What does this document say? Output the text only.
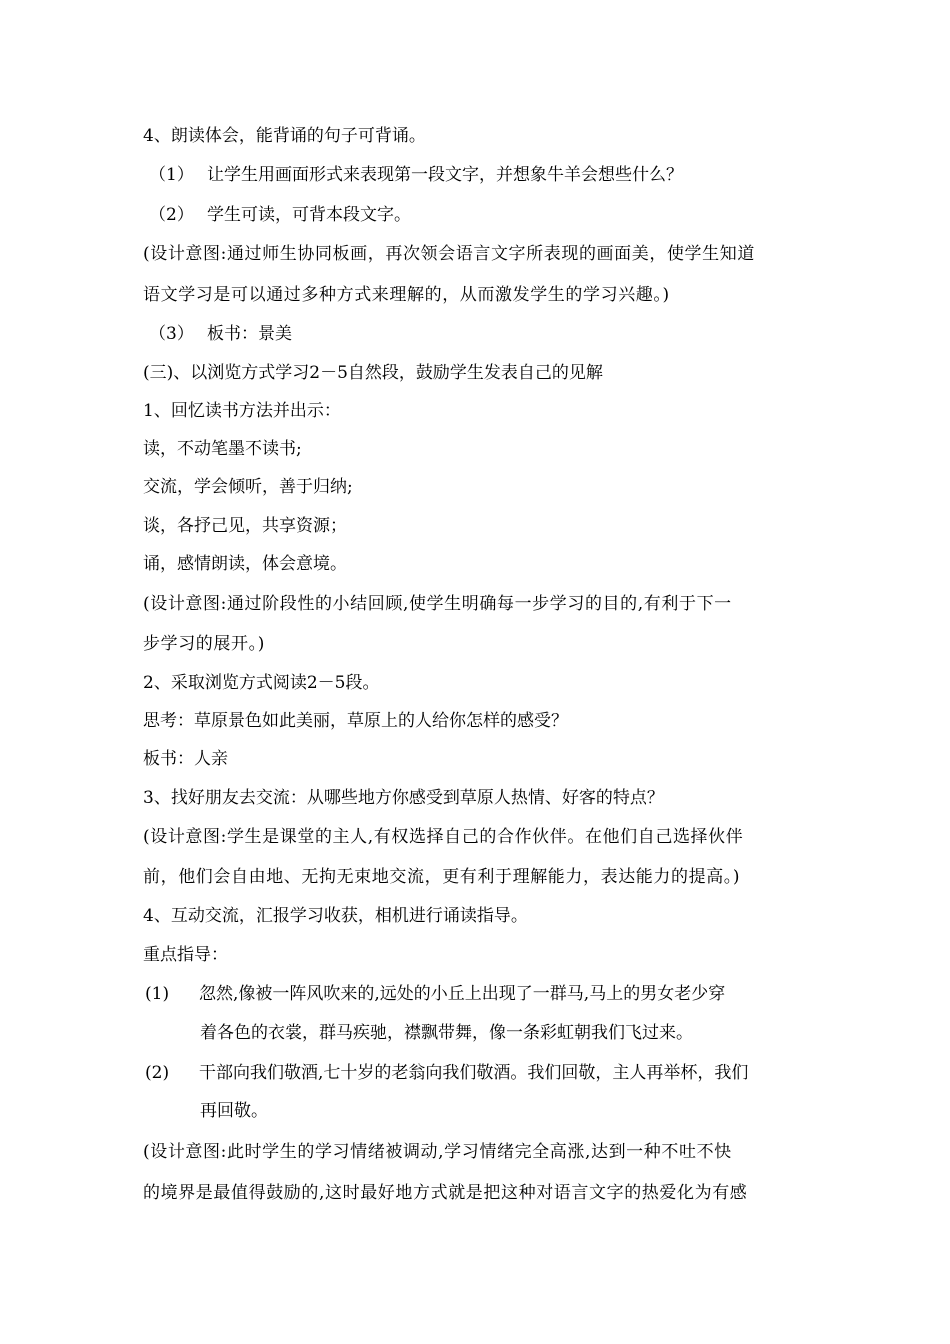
4、朗读体会，能背诵的句子可背诵。
（1） 让学生用画面形式来表现第一段文字，并想象牛羊会想些什么？
（2） 学生可读，可背本段文字。
(设计意图:通过师生协同板画，再次领会语言文字所表现的画面美，使学生知道
语文学习是可以通过多种方式来理解的，从而激发学生的学习兴趣。)
（3） 板书：景美
(三)、以浏览方式学习2－5自然段，鼓励学生发表自己的见解
1、回忆读书方法并出示：
读，不动笔墨不读书;
交流，学会倾听，善于归纳;
谈，各抒己见，共享资源；
诵，感情朗读，体会意境。
(设计意图:通过阶段性的小结回顾,使学生明确每一步学习的目的,有利于下一
步学习的展开。)
2、采取浏览方式阅读2－5段。
思考：草原景色如此美丽，草原上的人给你怎样的感受？
板书：人亲
3、找好朋友去交流：从哪些地方你感受到草原人热情、好客的特点？
(设计意图:学生是课堂的主人,有权选择自己的合作伙伴。在他们自己选择伙伴
前，他们会自由地、无拘无束地交流，更有利于理解能力，表达能力的提高。)
4、互动交流，汇报学习收获，相机进行诵读指导。
重点指导：
(1) 忽然,像被一阵风吹来的,远处的小丘上出现了一群马,马上的男女老少穿
着各色的衣裳，群马疾驰，襟飘带舞，像一条彩虹朝我们飞过来。
(2) 干部向我们敬酒,七十岁的老翁向我们敬酒。我们回敬，主人再举杯，我们
再回敬。
(设计意图:此时学生的学习情绪被调动,学习情绪完全高涨,达到一种不吐不快
的境界是最值得鼓励的,这时最好地方式就是把这种对语言文字的热爱化为有感
